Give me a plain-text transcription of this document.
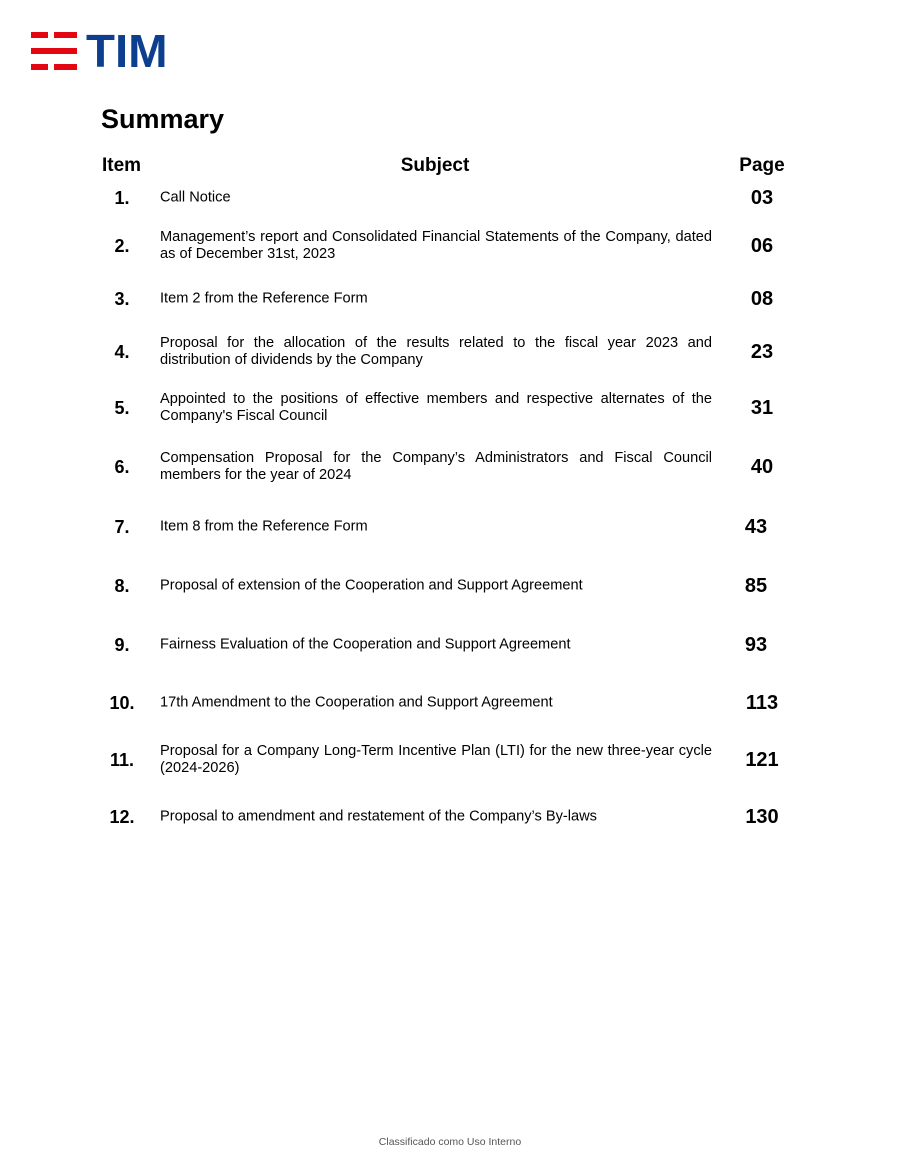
TIM
Summary
Item	Subject	Page
1.	Call Notice	03
2.	Management’s report and Consolidated Financial Statements of the Company, dated as of December 31st, 2023	06
3.	Item 2 from the Reference Form	08
4.	Proposal for the allocation of the results related to the fiscal year 2023 and distribution of dividends by the Company	23
5.	Appointed to the positions of effective members and respective alternates of the Company's Fiscal Council	31
6.	Compensation Proposal for the Company’s Administrators and Fiscal Council members for the year of 2024	40
7.	Item 8 from the Reference Form	43
8.	Proposal of extension of the Cooperation and Support Agreement	85
9.	Fairness Evaluation of the Cooperation and Support Agreement	93
10.	17th Amendment to the Cooperation and Support Agreement	113
11.	Proposal for a Company Long-Term Incentive Plan (LTI) for the new three-year cycle (2024-2026)	121
12.	Proposal to amendment and restatement of the Company’s By-laws	130
Classificado como Uso Interno
